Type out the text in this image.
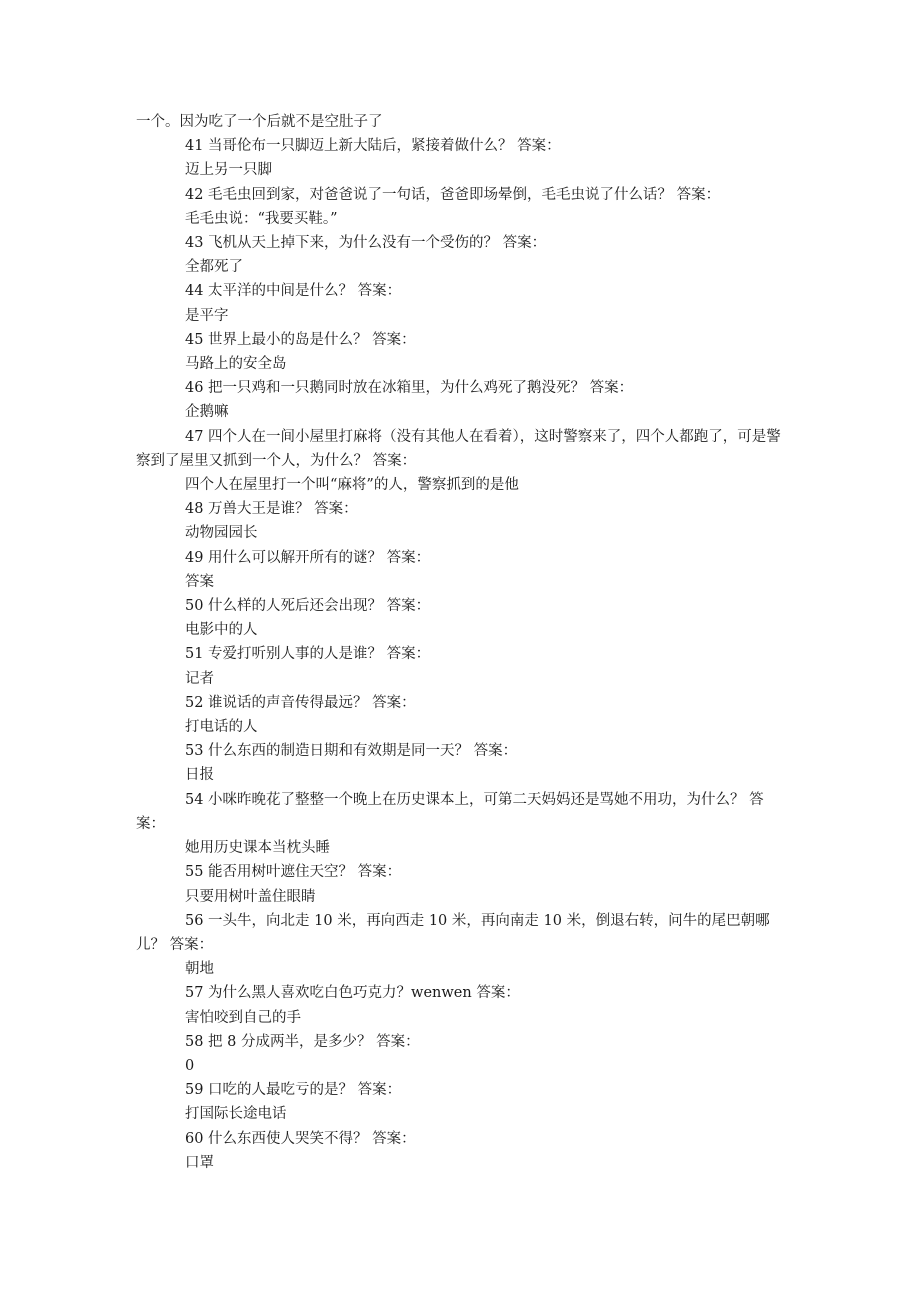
一个。因为吃了一个后就不是空肚子了

41 当哥伦布一只脚迈上新大陆后，紧接着做什么？ 答案：

迈上另一只脚

42 毛毛虫回到家，对爸爸说了一句话，爸爸即场晕倒，毛毛虫说了什么话？ 答案：

毛毛虫说：“我要买鞋。”

43 飞机从天上掉下来，为什么没有一个受伤的？ 答案：

全都死了

44 太平洋的中间是什么？ 答案：

是平字

45 世界上最小的岛是什么？ 答案：

马路上的安全岛

46 把一只鸡和一只鹅同时放在冰箱里，为什么鸡死了鹅没死？ 答案：

企鹅嘛

47 四个人在一间小屋里打麻将（没有其他人在看着），这时警察来了，四个人都跑了，可是警察到了屋里又抓到一个人，为什么？ 答案：

四个人在屋里打一个叫“麻将”的人，警察抓到的是他

48 万兽大王是谁？ 答案：

动物园园长

49 用什么可以解开所有的谜？ 答案：

答案

50 什么样的人死后还会出现？ 答案：

电影中的人

51 专爱打听别人事的人是谁？ 答案：

记者

52 谁说话的声音传得最远？ 答案：

打电话的人

53 什么东西的制造日期和有效期是同一天？ 答案：

日报

54 小咪昨晚花了整整一个晚上在历史课本上，可第二天妈妈还是骂她不用功，为什么？ 答案：

她用历史课本当枕头睡

55 能否用树叶遮住天空？ 答案：

只要用树叶盖住眼睛

56 一头牛，向北走 10 米，再向西走 10 米，再向南走 10 米，倒退右转，问牛的尾巴朝哪儿？ 答案：

朝地

57 为什么黑人喜欢吃白色巧克力？wenwen 答案：

害怕咬到自己的手

58 把 8 分成两半，是多少？ 答案：

0

59 口吃的人最吃亏的是？ 答案：

打国际长途电话

60 什么东西使人哭笑不得？ 答案：

口罩
